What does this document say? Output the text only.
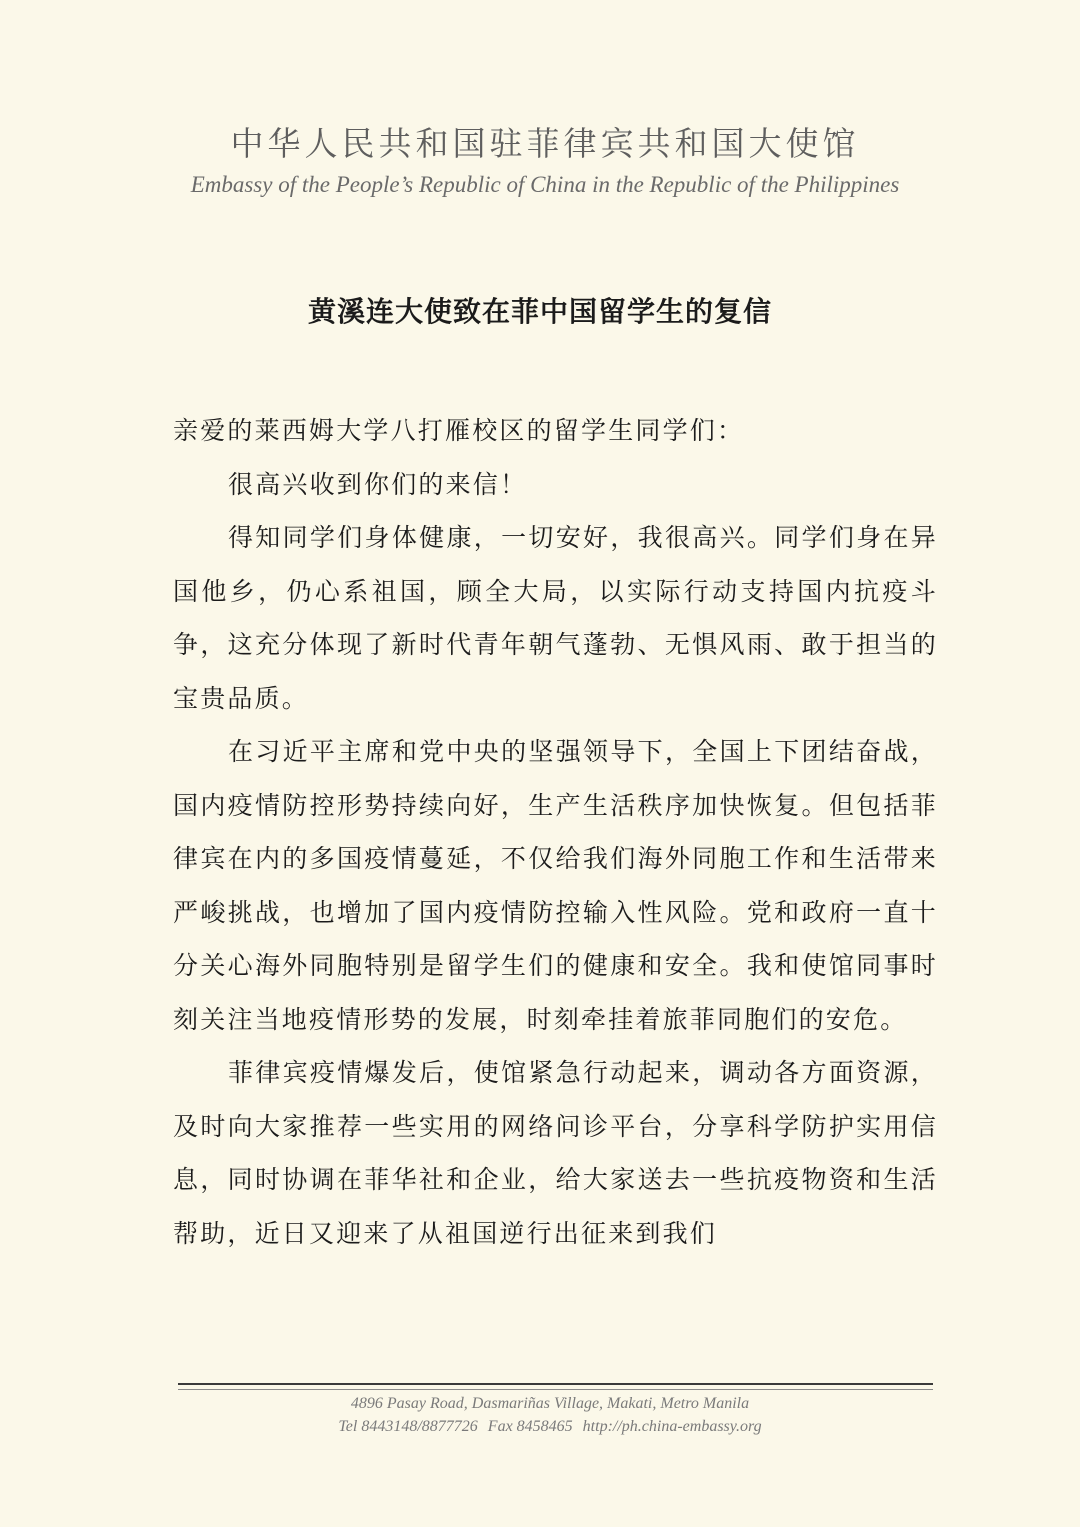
中华人民共和国驻菲律宾共和国大使馆
Embassy of the People’s Republic of China in the Republic of the Philippines
黄溪连大使致在菲中国留学生的复信

亲爱的莱西姆大学八打雁校区的留学生同学们：

很高兴收到你们的来信！

得知同学们身体健康，一切安好，我很高兴。同学们身在异国他乡，仍心系祖国，顾全大局，以实际行动支持国内抗疫斗争，这充分体现了新时代青年朝气蓬勃、无惧风雨、敢于担当的宝贵品质。

在习近平主席和党中央的坚强领导下，全国上下团结奋战，国内疫情防控形势持续向好，生产生活秩序加快恢复。但包括菲律宾在内的多国疫情蔓延，不仅给我们海外同胞工作和生活带来严峻挑战，也增加了国内疫情防控输入性风险。党和政府一直十分关心海外同胞特别是留学生们的健康和安全。我和使馆同事时刻关注当地疫情形势的发展，时刻牵挂着旅菲同胞们的安危。

菲律宾疫情爆发后，使馆紧急行动起来，调动各方面资源，及时向大家推荐一些实用的网络问诊平台，分享科学防护实用信息，同时协调在菲华社和企业，给大家送去一些抗疫物资和生活帮助，近日又迎来了从祖国逆行出征来到我们

4896 Pasay Road, Dasmariñas Village, Makati, Metro Manila
Tel 8443148/8877726 Fax 8458465 http://ph.china-embassy.org
